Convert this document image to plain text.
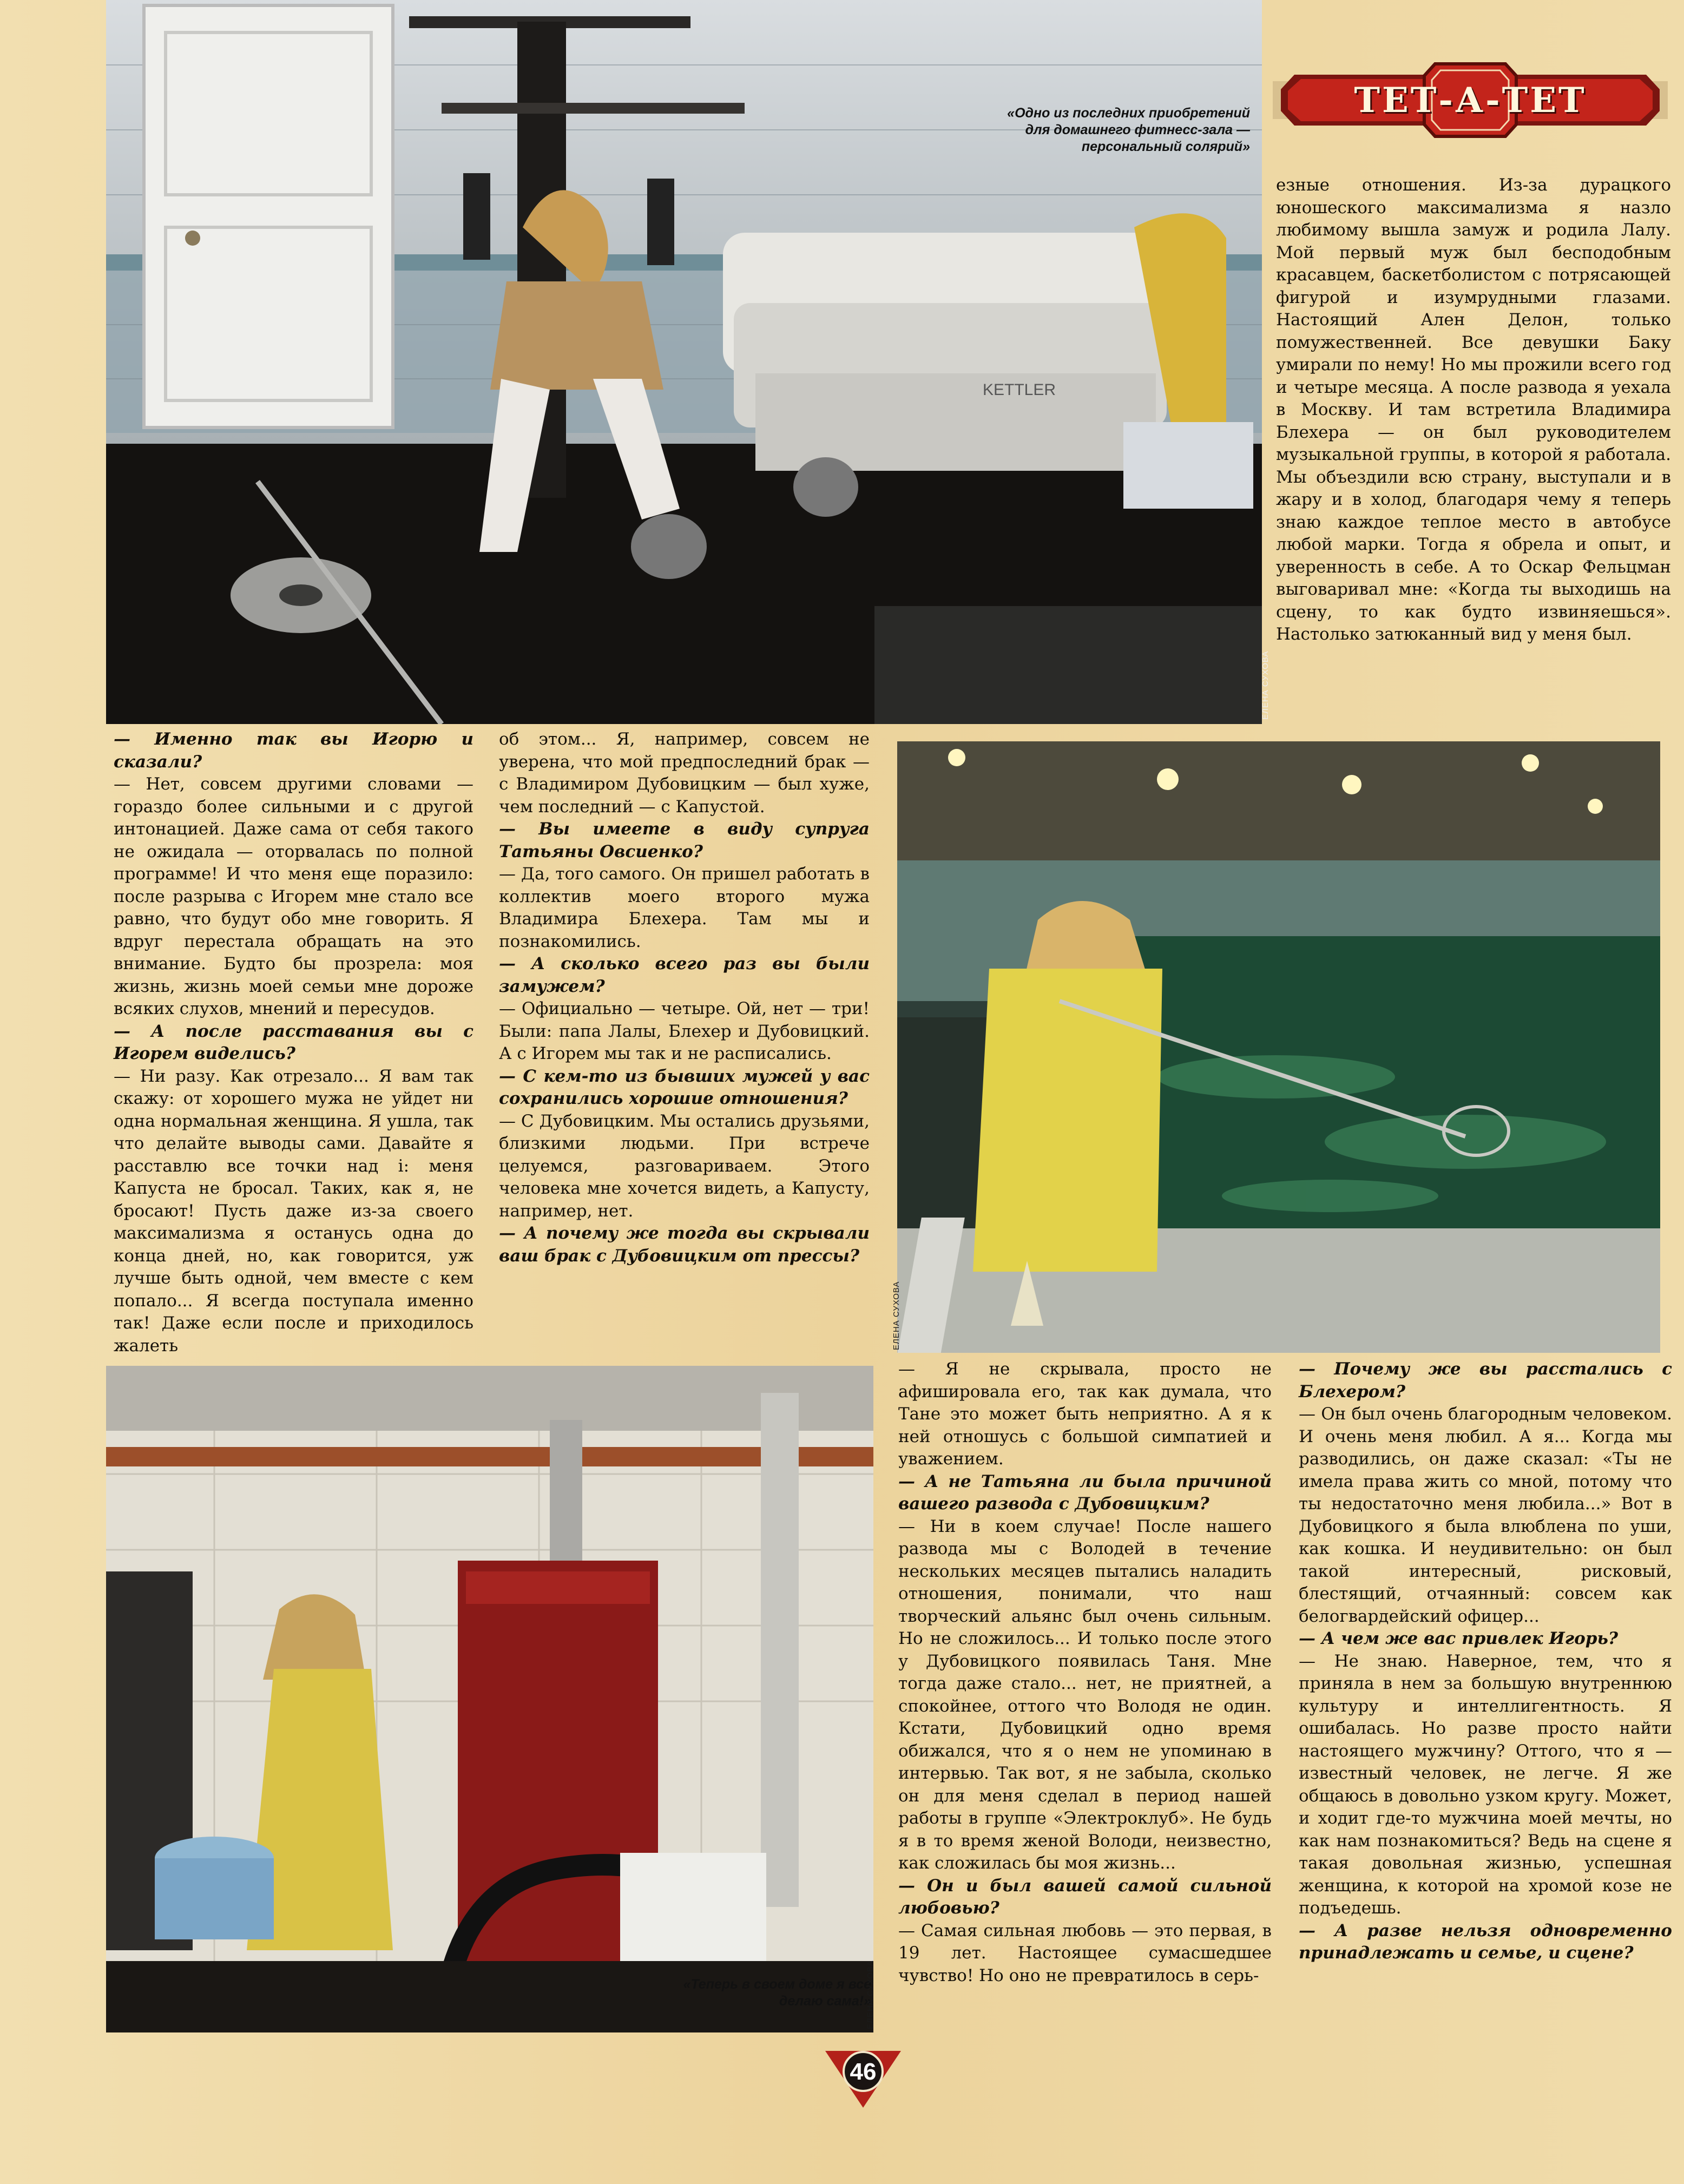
KETTLER
«Одно из последних приобретений для домашнего фитнесс-зала — персональный солярий»
ЕЛЕНА СУХОВА
ТЕТ-А-ТЕТ

езные отношения. Из-за дурацкого юношеского максимализма я назло любимому вышла замуж и родила Лалу. Мой первый муж был бесподобным красавцем, баскетболистом с потрясающей фигурой и изумрудными глазами. Настоящий Ален Делон, только помужественней. Все девушки Баку умирали по нему! Но мы прожили всего год и четыре месяца. А после развода я уехала в Москву. И там встретила Владимира Блехера — он был руководителем музыкальной группы, в которой я работала. Мы объездили всю страну, выступали и в жару и в холод, благодаря чему я теперь знаю каждое теплое место в автобусе любой марки. Тогда я обрела и опыт, и уверенность в себе. А то Оскар Фельцман выговаривал мне: «Когда ты выходишь на сцену, то как будто извиняешься». Настолько затюканный вид у меня был.

— Именно так вы Игорю и сказали?

— Нет, совсем другими словами — гораздо более сильными и с другой интонацией. Даже сама от себя такого не ожидала — оторвалась по полной программе! И что меня еще поразило: после разрыва с Игорем мне стало все равно, что будут обо мне говорить. Я вдруг перестала обращать на это внимание. Будто бы прозрела: моя жизнь, жизнь моей семьи мне дороже всяких слухов, мнений и пересудов.

— А после расставания вы с Игорем виделись?

— Ни разу. Как отрезало... Я вам так скажу: от хорошего мужа не уйдет ни одна нормальная женщина. Я ушла, так что делайте выводы сами. Давайте я расставлю все точки над i: меня Капуста не бросал. Таких, как я, не бросают! Пусть даже из-за своего максимализма я останусь одна до конца дней, но, как говорится, уж лучше быть одной, чем вместе с кем попало... Я всегда поступала именно так! Даже если после и приходилось жалеть

об этом... Я, например, совсем не уверена, что мой предпоследний брак — с Владимиром Дубовицким — был хуже, чем последний — с Капустой.

— Вы имеете в виду супруга Татьяны Овсиенко?

— Да, того самого. Он пришел работать в коллектив моего второго мужа Владимира Блехера. Там мы и познакомились.

— А сколько всего раз вы были замужем?

— Официально — четыре. Ой, нет — три! Были: папа Лалы, Блехер и Дубовицкий. А с Игорем мы так и не расписались.

— С кем-то из бывших мужей у вас сохранились хорошие отношения?

— С Дубовицким. Мы остались друзьями, близкими людьми. При встрече целуемся, разговариваем. Этого человека мне хочется видеть, а Капусту, например, нет.

— А почему же тогда вы скрывали ваш брак с Дубовицким от прессы?

ЕЛЕНА СУХОВА
«Теперь в своем доме я все делаю сама!»
ЕЛЕНА СУХОВА

— Я не скрывала, просто не афишировала его, так как думала, что Тане это может быть неприятно. А я к ней отношусь с большой симпатией и уважением.

— А не Татьяна ли была причиной вашего развода с Дубовицким?

— Ни в коем случае! После нашего развода мы с Володей в течение нескольких месяцев пытались наладить отношения, понимали, что наш творческий альянс был очень сильным. Но не сложилось... И только после этого у Дубовицкого появилась Таня. Мне тогда даже стало... нет, не приятней, а спокойнее, оттого что Володя не один. Кстати, Дубовицкий одно время обижался, что я о нем не упоминаю в интервью. Так вот, я не забыла, сколько он для меня сделал в период нашей работы в группе «Электроклуб». Не будь я в то время женой Володи, неизвестно, как сложилась бы моя жизнь...

— Он и был вашей самой сильной любовью?

— Самая сильная любовь — это первая, в 19 лет. Настоящее сумасшедшее чувство! Но оно не превратилось в серь-

— Почему же вы расстались с Блехером?

— Он был очень благородным человеком. И очень меня любил. А я... Когда мы разводились, он даже сказал: «Ты не имела права жить со мной, потому что ты недостаточно меня любила...» Вот в Дубовицкого я была влюблена по уши, как кошка. И неудивительно: он был такой интересный, рисковый, блестящий, отчаянный: совсем как белогвардейский офицер...

— А чем же вас привлек Игорь?

— Не знаю. Наверное, тем, что я приняла в нем за большую внутреннюю культуру и интеллигентность. Я ошибалась. Но разве просто найти настоящего мужчину? Оттого, что я — известный человек, не легче. Я же общаюсь в довольно узком кругу. Может, и ходит где-то мужчина моей мечты, но как нам познакомиться? Ведь на сцене я такая довольная жизнью, успешная женщина, к которой на хромой козе не подъедешь.

— А разве нельзя одновременно принадлежать и семье, и сцене?

46
